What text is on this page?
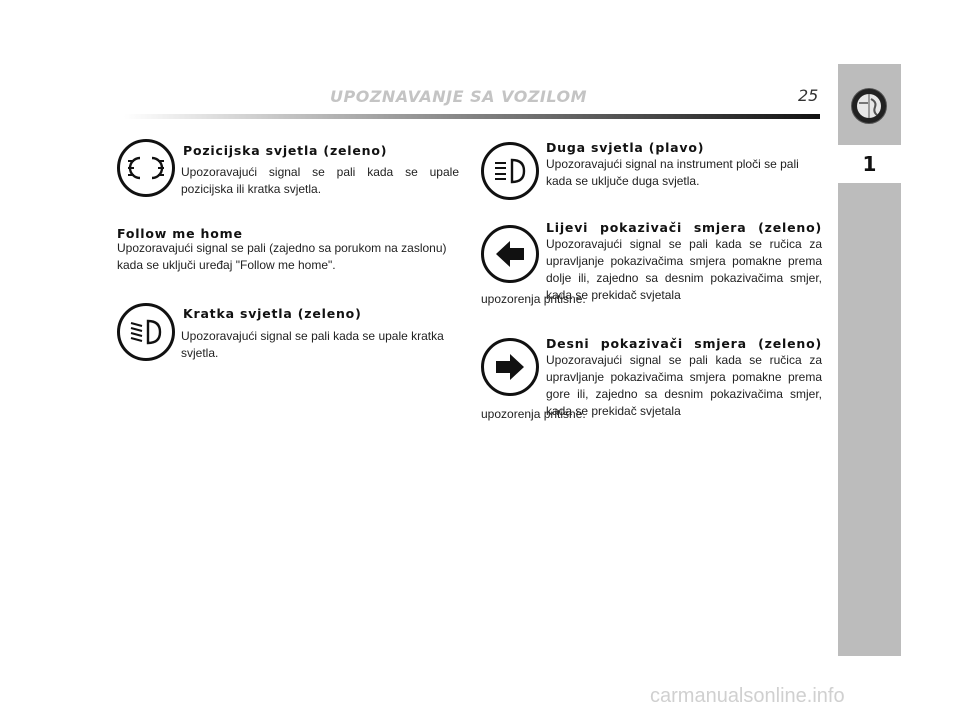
UPOZNAVANJE SA VOZILOM	25
1
Pozicijska svjetla (zeleno)
Upozoravajući signal se pali kada se upale pozicijska ili kratka svjetla.
Follow me home
Upozoravajući signal se pali (zajedno sa porukom na zaslonu) kada se uključi uređaj "Follow me home".
Kratka svjetla (zeleno)
Upozoravajući signal se pali kada se upale kratka svjetla.
Duga svjetla (plavo)
Upozoravajući signal na instrument ploči se pali kada se uključe duga svjetla.
Lijevi pokazivači smjera (zeleno)
Upozoravajući signal se pali kada se ručica za upravljanje pokazivačima smjera pomakne prema dolje ili, zajedno sa desnim pokazivačima smjer, kada se prekidač svjetala
upozorenja pritisne.
Desni pokazivači smjera (zeleno)
Upozoravajući signal se pali kada se ručica za upravljanje pokazivačima smjera pomakne prema gore ili, zajedno sa desnim pokazivačima smjer, kada se prekidač svjetala
upozorenja pritisne.
carmanualsonline.info
